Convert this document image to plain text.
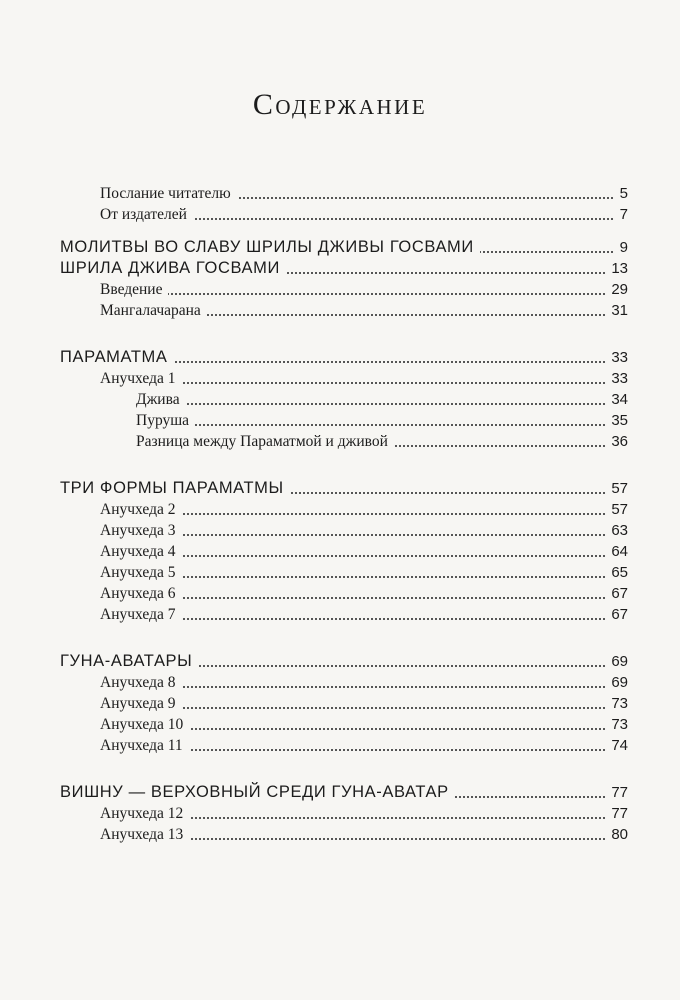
Содержание
Послание читателю	5
От издателей	7
МОЛИТВЫ ВО СЛАВУ ШРИЛЫ ДЖИВЫ ГОСВАМИ	9
ШРИЛА ДЖИВА ГОСВАМИ	13
Введение	29
Мангалачарана	31
ПАРАМАТМА	33
Анучхеда 1	33
Джива	34
Пуруша	35
Разница между Параматмой и дживой	36
ТРИ ФОРМЫ ПАРАМАТМЫ	57
Анучхеда 2	57
Анучхеда 3	63
Анучхеда 4	64
Анучхеда 5	65
Анучхеда 6	67
Анучхеда 7	67
ГУНА-АВАТАРЫ	69
Анучхеда 8	69
Анучхеда 9	73
Анучхеда 10	73
Анучхеда 11	74
ВИШНУ — ВЕРХОВНЫЙ СРЕДИ ГУНА-АВАТАР	77
Анучхеда 12	77
Анучхеда 13	80
